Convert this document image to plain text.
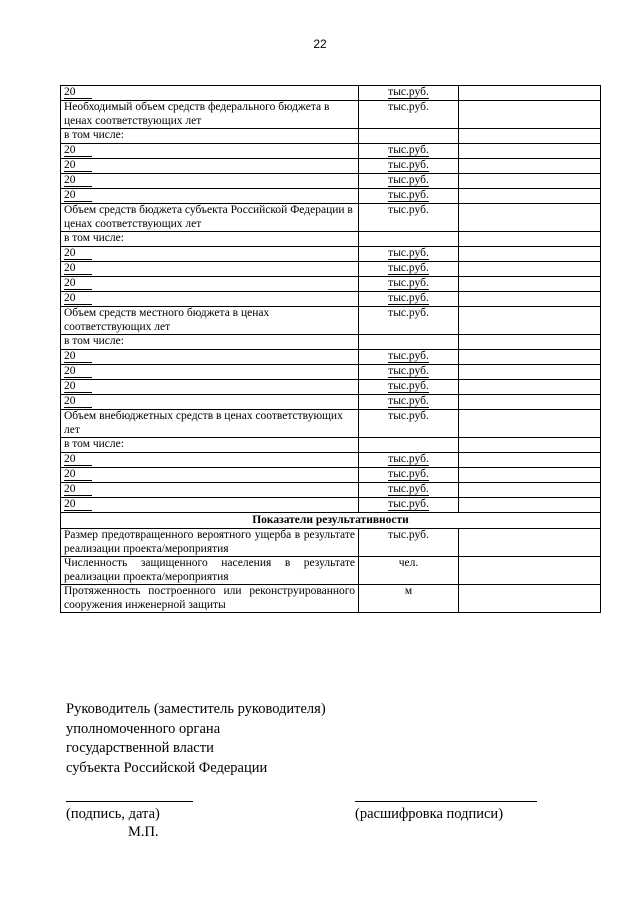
22
20	тыс.руб.	
Необходимый объем средств федерального бюджета в ценах соответствующих лет	тыс.руб.	
в том числе:		
20	тыс.руб.	
20	тыс.руб.	
20	тыс.руб.	
20	тыс.руб.	
Объем средств бюджета субъекта Российской Федерации в ценах соответствующих лет	тыс.руб.	
в том числе:		
20	тыс.руб.	
20	тыс.руб.	
20	тыс.руб.	
20	тыс.руб.	
Объем средств местного бюджета в ценах соответствующих лет	тыс.руб.	
в том числе:		
20	тыс.руб.	
20	тыс.руб.	
20	тыс.руб.	
20	тыс.руб.	
Объем внебюджетных средств в ценах соответствующих лет	тыс.руб.	
в том числе:		
20	тыс.руб.	
20	тыс.руб.	
20	тыс.руб.	
20	тыс.руб.	
Показатели результативности		
Размер предотвращенного вероятного ущерба в результате реализации проекта/мероприятия	тыс.руб.	
Численность защищенного населения в результате реализации проекта/мероприятия	чел.	
Протяженность построенного или реконструированного сооружения инженерной защиты	м	
Руководитель (заместитель руководителя)
уполномоченного органа
государственной власти
субъекта Российской Федерации
(подпись, дата)
М.П.
(расшифровка подписи)
